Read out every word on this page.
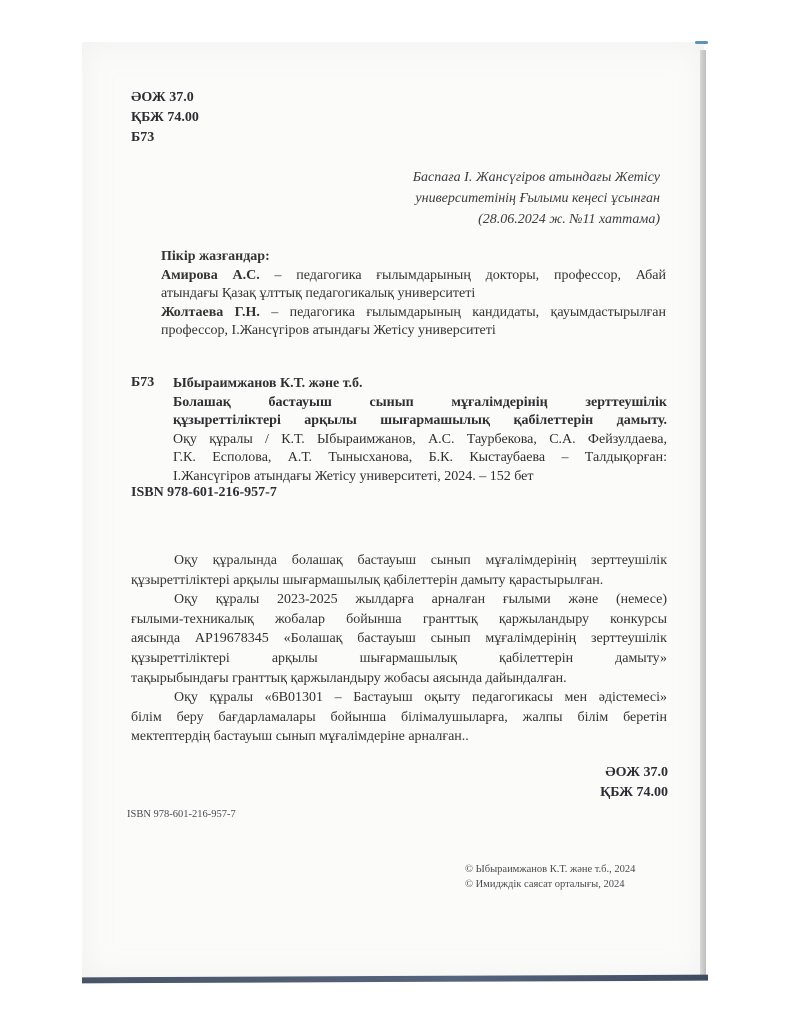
ӘОЖ 37.0
ҚБЖ 74.00
Б73
Баспаға І. Жансүгіров атындағы Жетісу
университетінің Ғылыми кеңесі ұсынған
(28.06.2024 ж. №11 хаттама)
Пікір жазғандар:
Амирова А.С. – педагогика ғылымдарының докторы, профессор, Абай
атындағы Қазақ ұлттық педагогикалық университеті
Жолтаева Г.Н. – педагогика ғылымдарының кандидаты, қауымдастырылған
профессор, І.Жансүгіров атындағы Жетісу университеті
Б73 Ыбыраимжанов К.Т. және т.б.
Болашақ бастауыш сынып мұғалімдерінің зерттеушілік
құзыреттіліктері арқылы шығармашылық қабілеттерін дамыту.
Оқу құралы / К.Т. Ыбыраимжанов, А.С. Таурбекова, С.А. Фейзулдаева,
Г.К. Есполова, А.Т. Тынысханова, Б.К. Кыстаубаева – Талдықорған:
І.Жансүгіров атындағы Жетісу университеті, 2024. – 152 бет
ISBN 978-601-216-957-7
Оқу құралында болашақ бастауыш сынып мұғалімдерінің зерттеушілік
құзыреттіліктері арқылы шығармашылық қабілеттерін дамыту қарастырылған.
Оқу құралы 2023-2025 жылдарға арналған ғылыми және (немесе)
ғылыми-техникалық жобалар бойынша гранттық қаржыландыру конкурсы
аясында АР19678345 «Болашақ бастауыш сынып мұғалімдерінің зерттеушілік
құзыреттіліктері арқылы шығармашылық қабілеттерін дамыту»
тақырыбындағы гранттық қаржыландыру жобасы аясында дайындалған.
Оқу құралы «6В01301 – Бастауыш оқыту педагогикасы мен әдістемесі»
білім беру бағдарламалары бойынша білімалушыларға, жалпы білім беретін
мектептердің бастауыш сынып мұғалімдеріне арналған..
ӘОЖ 37.0
ҚБЖ 74.00
ISBN 978-601-216-957-7
© Ыбыраимжанов К.Т. және т.б., 2024
© Имидждік саясат орталығы, 2024
